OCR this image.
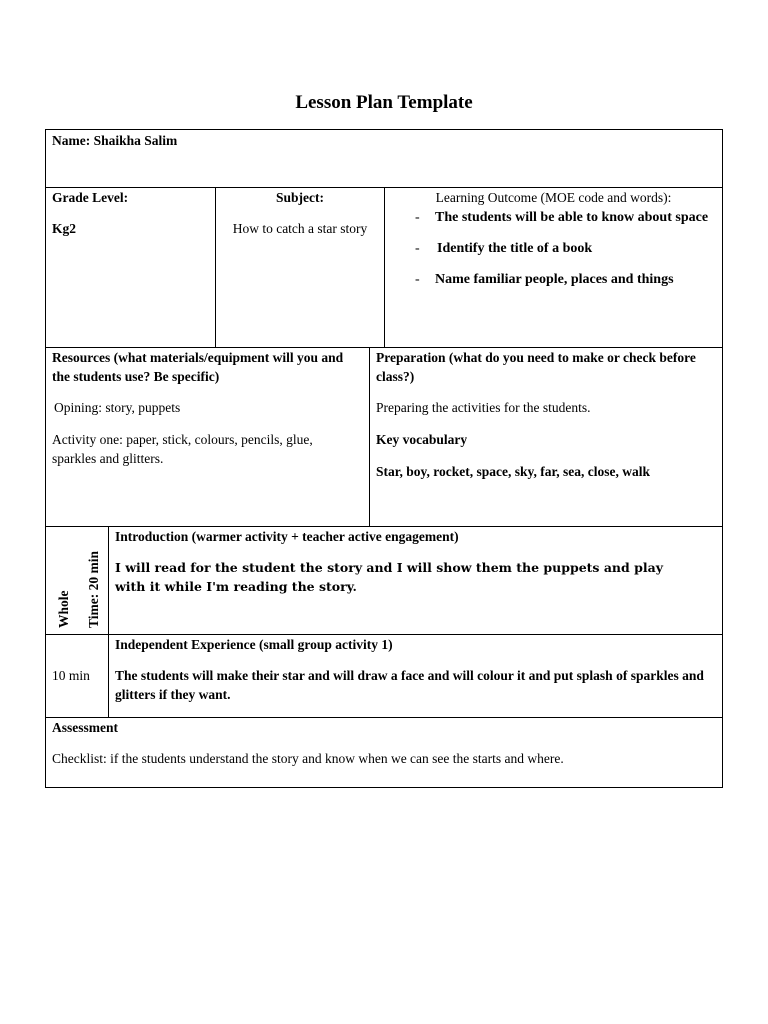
Lesson Plan Template
Name: Shaikha Salim
Grade Level:
Kg2
Subject:
How to catch a star story
Learning Outcome (MOE code and words):
- The students will be able to know about space
- Identify the title of a book
- Name familiar people, places and things
Resources (what materials/equipment will you and the students use? Be specific)
Opining: story, puppets
Activity one: paper, stick, colours, pencils, glue, sparkles and glitters.
Preparation (what do you need to make or check before class?)
Preparing the activities for the students.
Key vocabulary
Star, boy, rocket, space, sky, far, sea, close, walk
Whole Time: 20 min
Introduction (warmer activity + teacher active engagement)
I will read for the student the story and I will show them the puppets and play with it while I'm reading the story.
10 min
Independent Experience (small group activity 1)
The students will make their star and will draw a face and will colour it and put splash of sparkles and glitters if they want.
Assessment
Checklist: if the students understand the story and know when we can see the starts and where.
